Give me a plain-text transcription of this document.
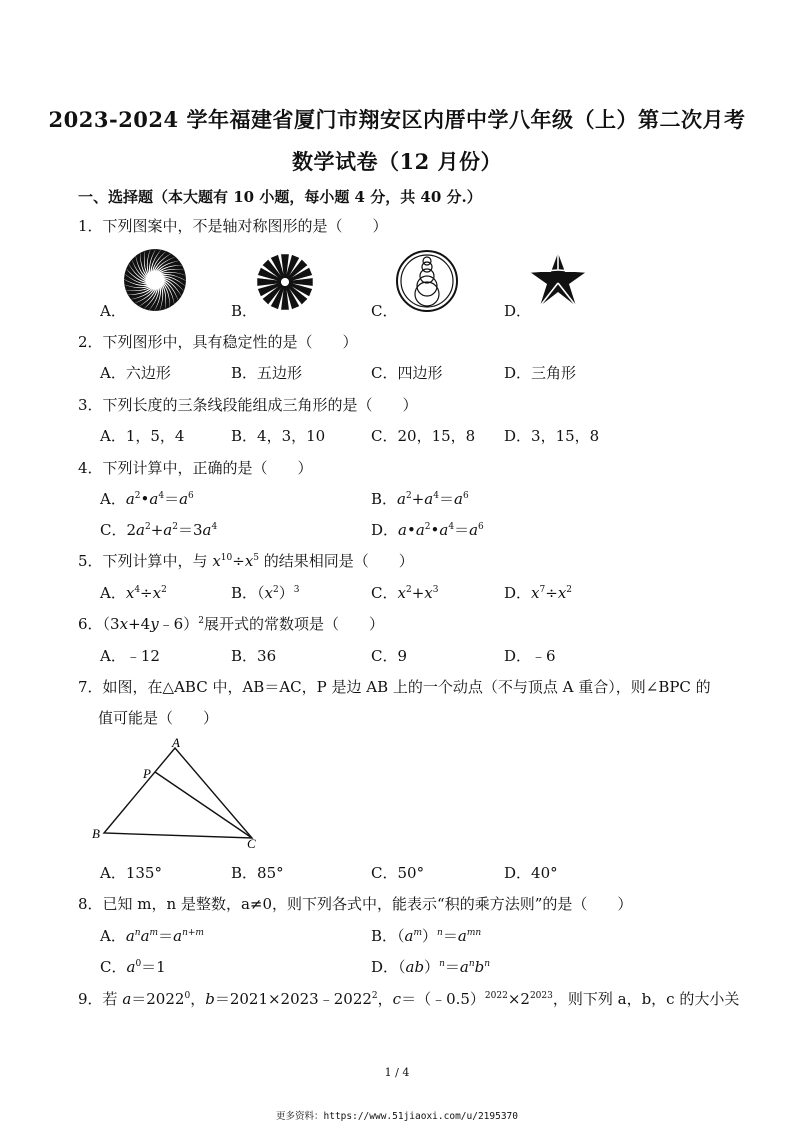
2023-2024 学年福建省厦门市翔安区内厝中学八年级（上）第二次月考
数学试卷（12 月份）
一、选择题（本大题有 10 小题，每小题 4 分，共 40 分.）
1．下列图案中，不是轴对称图形的是（　　）
A．	B．	C．	D．
2．下列图形中，具有稳定性的是（　　）
A．六边形	B．五边形	C．四边形	D．三角形
3．下列长度的三条线段能组成三角形的是（　　）
A．1，5，4	B．4，3，10	C．20，15，8 D．3，15，8
4．下列计算中，正确的是（　　）
A．$a^2•a^4=a^6$	B．$a^2+a^4=a^6$
C．$2a^2+a^2=3a^4$	D．$a•a^2•a^4=a^6$
5．下列计算中，与 $x^{10}\div x^5$ 的结果相同是（　　）
A．$x^4\div x^2$	B．$(x^2)^3$	C．$x^2+x^3$	D．$x^7\div x^2$
6．（3x+4y﹣6）$^2$展开式的常数项是（　　）
A．﹣12	B．36	C．9	D．﹣6
7．如图，在△ABC 中，AB＝AC，P 是边 AB 上的一个动点（不与顶点 A 重合），则∠BPC 的
值可能是（　　）
A
P
B
C
A．135°	B．85°	C．50°	D．40°
8．已知 m，n 是整数，a≠0，则下列各式中，能表示“积的乘方法则”的是（　　）
A．$a^na^m=a^{n+m}$	B．$(a^m)^n=a^{mn}$
C．$a^0=1$	D．$(ab)^n=a^nb^n$
9．若 $a=2022^0$，$b=2021\times 2023﹣2022^2$，$c=(﹣0.5)^{2022}\times 2^{2023}$，则下列 a，b，c 的大小关
1 / 4
更多资料：https://www.51jiaoxi.com/u/2195370
